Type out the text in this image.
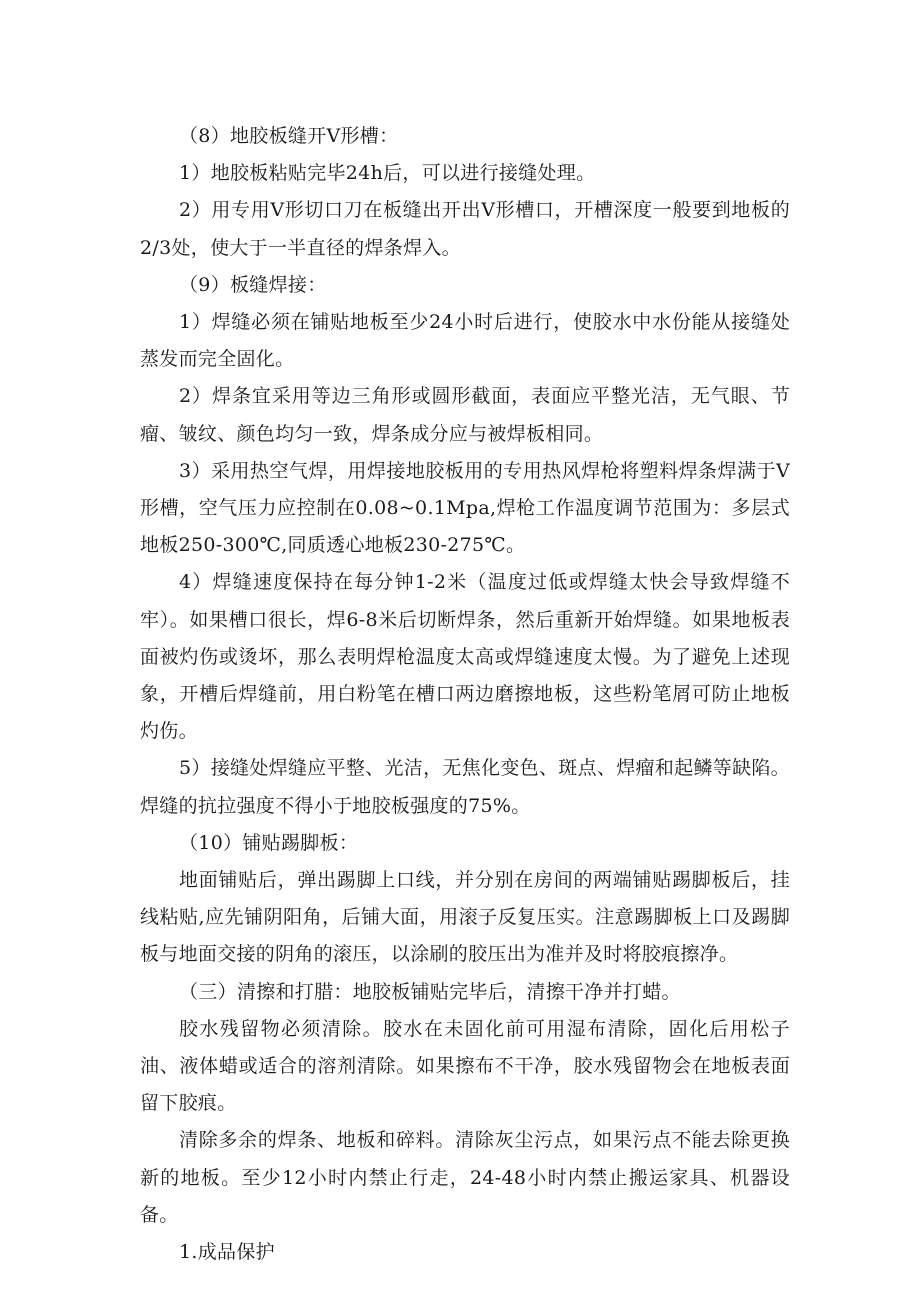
（8）地胶板缝开Ⅴ形槽：

1）地胶板粘贴完毕24h后，可以进行接缝处理。

2）用专用Ⅴ形切口刀在板缝出开出Ⅴ形槽口，开槽深度一般要到地板的2/3处，使大于一半直径的焊条焊入。

（9）板缝焊接：

1）焊缝必须在铺贴地板至少24小时后进行，使胶水中水份能从接缝处蒸发而完全固化。

2）焊条宜采用等边三角形或圆形截面，表面应平整光洁，无气眼、节瘤、皱纹、颜色均匀一致，焊条成分应与被焊板相同。

3）采用热空气焊，用焊接地胶板用的专用热风焊枪将塑料焊条焊满于Ⅴ形槽，空气压力应控制在0.08~0.1Mpa,焊枪工作温度调节范围为：多层式地板250-300℃,同质透心地板230-275℃。

4）焊缝速度保持在每分钟1-2米（温度过低或焊缝太快会导致焊缝不牢）。如果槽口很长，焊6-8米后切断焊条，然后重新开始焊缝。如果地板表面被灼伤或烫坏，那么表明焊枪温度太高或焊缝速度太慢。为了避免上述现象，开槽后焊缝前，用白粉笔在槽口两边磨擦地板，这些粉笔屑可防止地板灼伤。

5）接缝处焊缝应平整、光洁，无焦化变色、斑点、焊瘤和起鳞等缺陷。焊缝的抗拉强度不得小于地胶板强度的75%。

（10）铺贴踢脚板：

地面铺贴后，弹出踢脚上口线，并分别在房间的两端铺贴踢脚板后，挂线粘贴,应先铺阴阳角，后铺大面，用滚子反复压实。注意踢脚板上口及踢脚板与地面交接的阴角的滚压，以涂刷的胶压出为准并及时将胶痕擦净。

（三）清擦和打腊：地胶板铺贴完毕后，清擦干净并打蜡。

胶水残留物必须清除。胶水在未固化前可用湿布清除，固化后用松子油、液体蜡或适合的溶剂清除。如果擦布不干净，胶水残留物会在地板表面留下胶痕。

清除多余的焊条、地板和碎料。清除灰尘污点，如果污点不能去除更换新的地板。至少12小时内禁止行走，24-48小时内禁止搬运家具、机器设备。

1.成品保护
